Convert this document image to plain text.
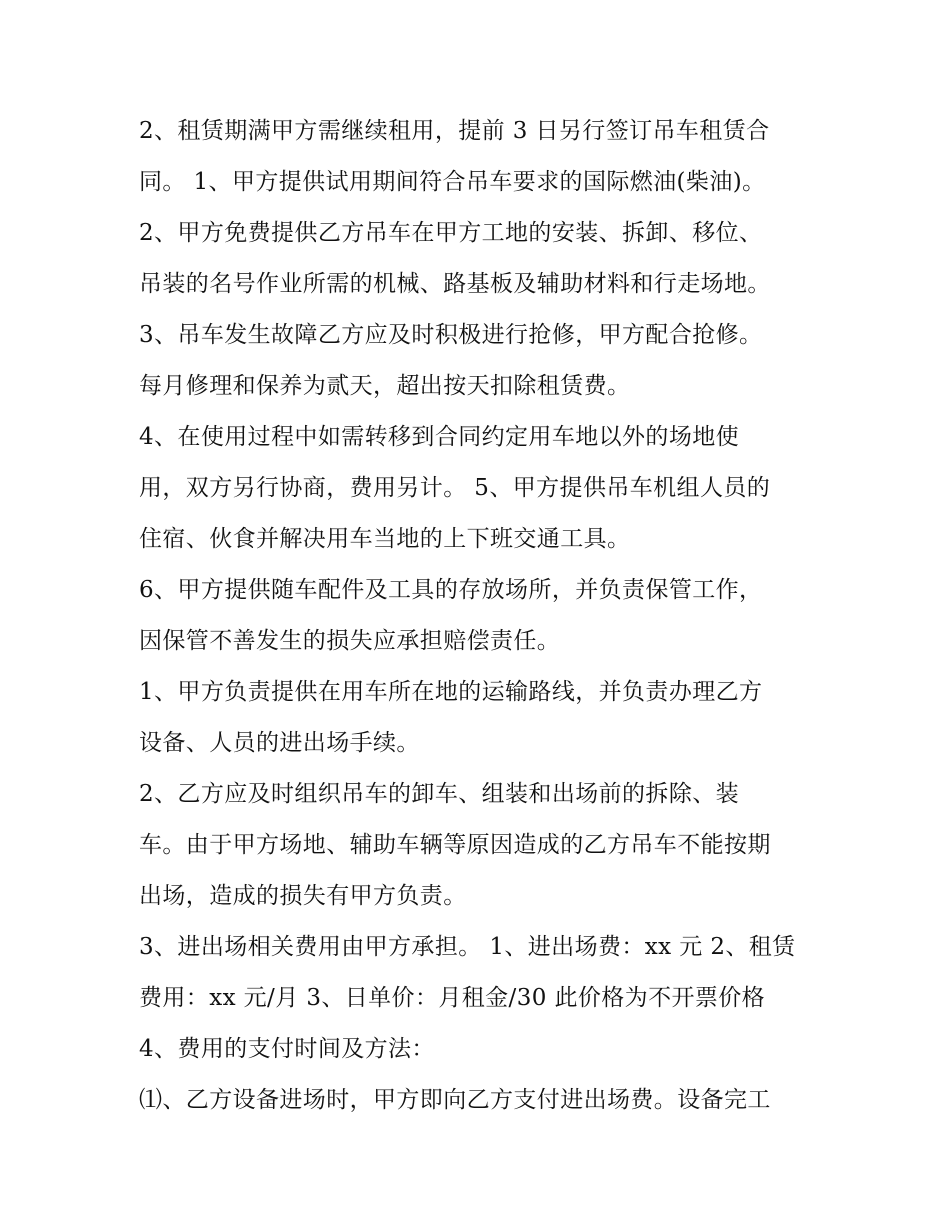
2、租赁期满甲方需继续租用，提前 3 日另行签订吊车租赁合
同。 1、甲方提供试用期间符合吊车要求的国际燃油(柴油)。
2、甲方免费提供乙方吊车在甲方工地的安装、拆卸、移位、
吊装的名号作业所需的机械、路基板及辅助材料和行走场地。
3、吊车发生故障乙方应及时积极进行抢修，甲方配合抢修。
每月修理和保养为贰天，超出按天扣除租赁费。
4、在使用过程中如需转移到合同约定用车地以外的场地使
用，双方另行协商，费用另计。 5、甲方提供吊车机组人员的
住宿、伙食并解决用车当地的上下班交通工具。
6、甲方提供随车配件及工具的存放场所，并负责保管工作，
因保管不善发生的损失应承担赔偿责任。
1、甲方负责提供在用车所在地的运输路线，并负责办理乙方
设备、人员的进出场手续。
2、乙方应及时组织吊车的卸车、组装和出场前的拆除、装
车。由于甲方场地、辅助车辆等原因造成的乙方吊车不能按期
出场，造成的损失有甲方负责。
3、进出场相关费用由甲方承担。 1、进出场费：xx 元 2、租赁
费用：xx 元/月 3、日单价：月租金/30 此价格为不开票价格
4、费用的支付时间及方法：
⑴、乙方设备进场时，甲方即向乙方支付进出场费。设备完工
